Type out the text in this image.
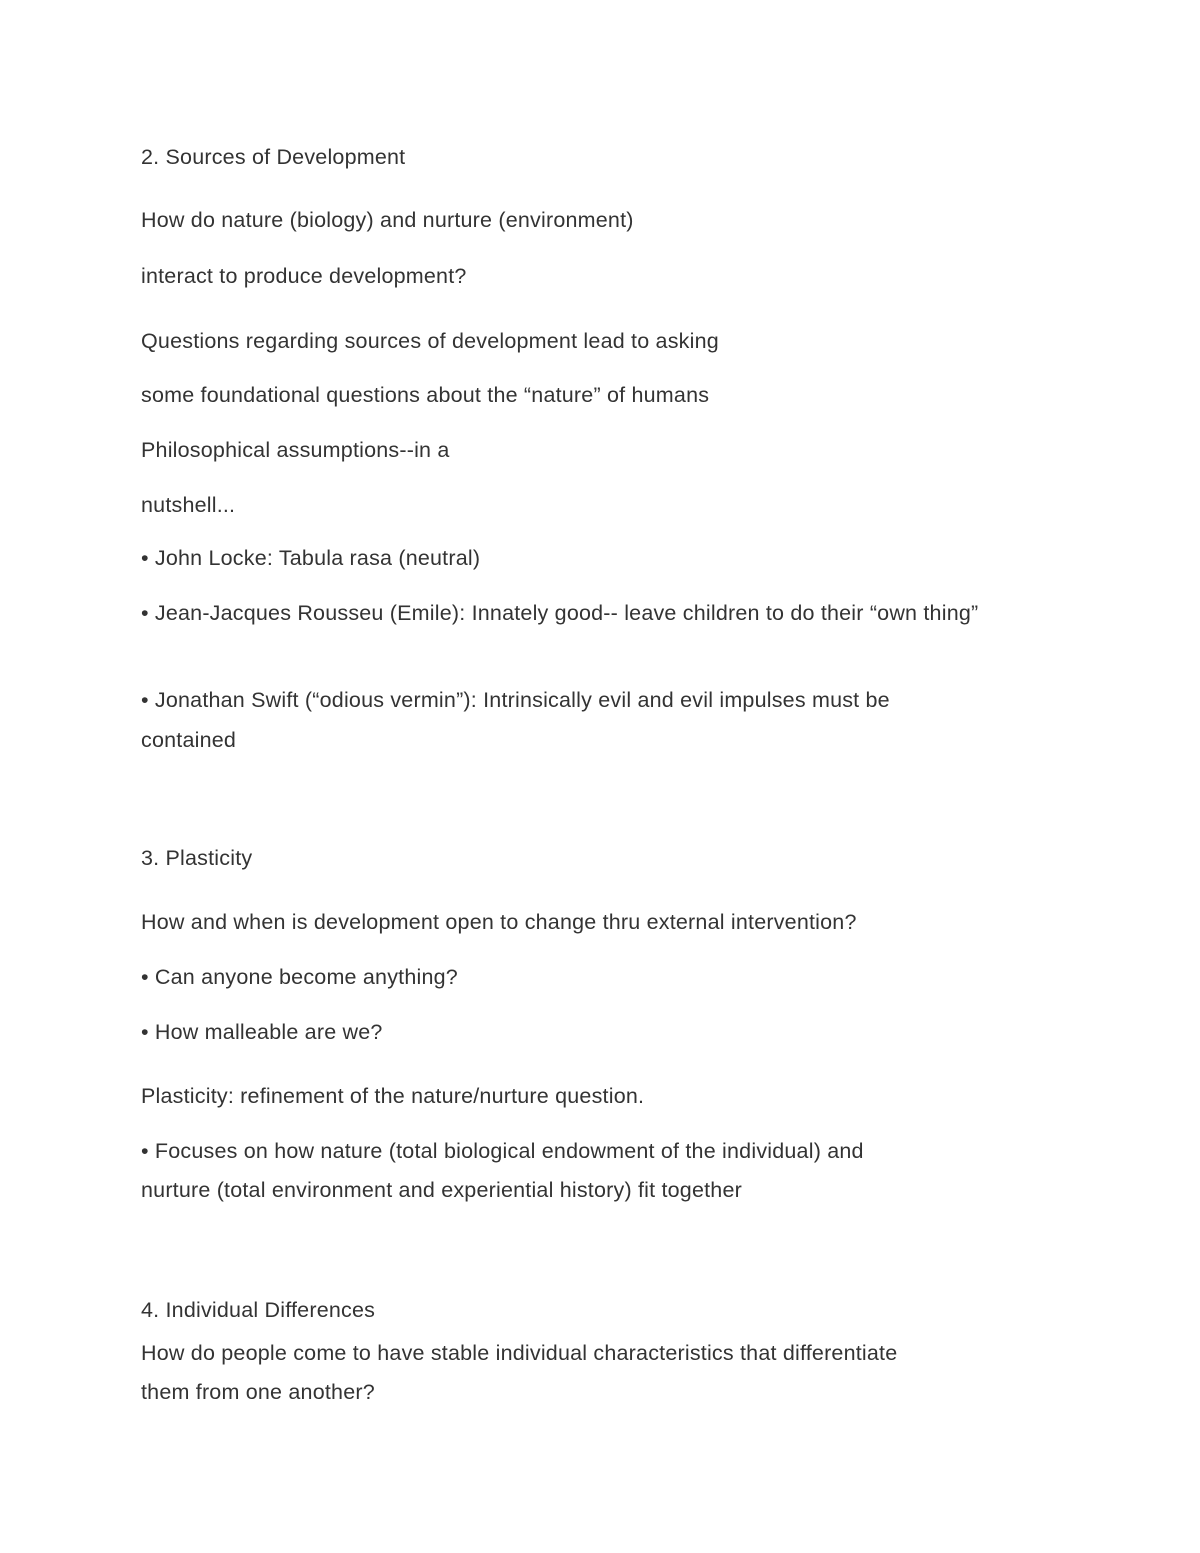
2. Sources of Development
How do nature (biology) and nurture (environment)
interact to produce development?
Questions regarding sources of development lead to asking
some foundational questions about the “nature” of humans
Philosophical assumptions--in a
nutshell...
• John Locke: Tabula rasa (neutral)
• Jean-Jacques Rousseu (Emile): Innately good-- leave children to do their “own thing”
• Jonathan Swift (“odious vermin”): Intrinsically evil and evil impulses must be
contained
3. Plasticity
How and when is development open to change thru external intervention?
• Can anyone become anything?
• How malleable are we?
Plasticity: refinement of the nature/nurture question.
• Focuses on how nature (total biological endowment of the individual) and
nurture (total environment and experiential history) fit together
4. Individual Differences
How do people come to have stable individual characteristics that differentiate
them from one another?
